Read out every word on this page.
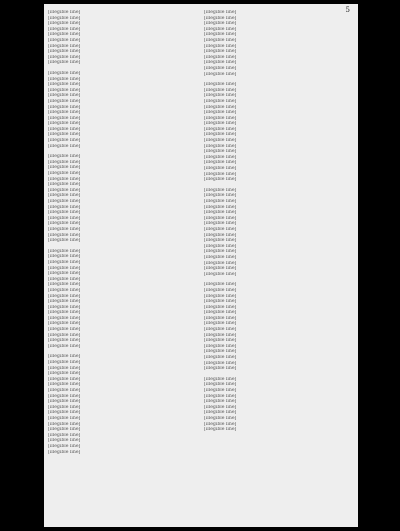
5

[illegible line]

[illegible line]

[illegible line]

[illegible line]

[illegible line]

[illegible line]

[illegible line]

[illegible line]

[illegible line]

[illegible line]

[illegible line]

[illegible line]

[illegible line]

[illegible line]

[illegible line]

[illegible line]

[illegible line]

[illegible line]

[illegible line]

[illegible line]

[illegible line]

[illegible line]

[illegible line]

[illegible line]

[illegible line]

[illegible line]

[illegible line]

[illegible line]

[illegible line]

[illegible line]

[illegible line]

[illegible line]

[illegible line]

[illegible line]

[illegible line]

[illegible line]

[illegible line]

[illegible line]

[illegible line]

[illegible line]

[illegible line]

[illegible line]

[illegible line]

[illegible line]

[illegible line]

[illegible line]

[illegible line]

[illegible line]

[illegible line]

[illegible line]

[illegible line]

[illegible line]

[illegible line]

[illegible line]

[illegible line]

[illegible line]

[illegible line]

[illegible line]

[illegible line]

[illegible line]

[illegible line]

[illegible line]

[illegible line]

[illegible line]

[illegible line]

[illegible line]

[illegible line]

[illegible line]

[illegible line]

[illegible line]

[illegible line]

[illegible line]

[illegible line]

[illegible line]

[illegible line]

[illegible line]

[illegible line]

[illegible line]

[illegible line]

[illegible line]

[illegible line]

[illegible line]

[illegible line]

[illegible line]

[illegible line]

[illegible line]

[illegible line]

[illegible line]

[illegible line]

[illegible line]

[illegible line]

[illegible line]

[illegible line]

[illegible line]

[illegible line]

[illegible line]

[illegible line]

[illegible line]

[illegible line]

[illegible line]

[illegible line]

[illegible line]

[illegible line]

[illegible line]

[illegible line]

[illegible line]

[illegible line]

[illegible line]

[illegible line]

[illegible line]

[illegible line]

[illegible line]

[illegible line]

[illegible line]

[illegible line]

[illegible line]

[illegible line]

[illegible line]

[illegible line]

[illegible line]

[illegible line]

[illegible line]

[illegible line]

[illegible line]

[illegible line]

[illegible line]

[illegible line]

[illegible line]

[illegible line]

[illegible line]

[illegible line]

[illegible line]

[illegible line]

[illegible line]

[illegible line]

[illegible line]

[illegible line]

[illegible line]

[illegible line]

[illegible line]

[illegible line]

[illegible line]

[illegible line]

[illegible line]

[illegible line]

[illegible line]

[illegible line]

[illegible line]
